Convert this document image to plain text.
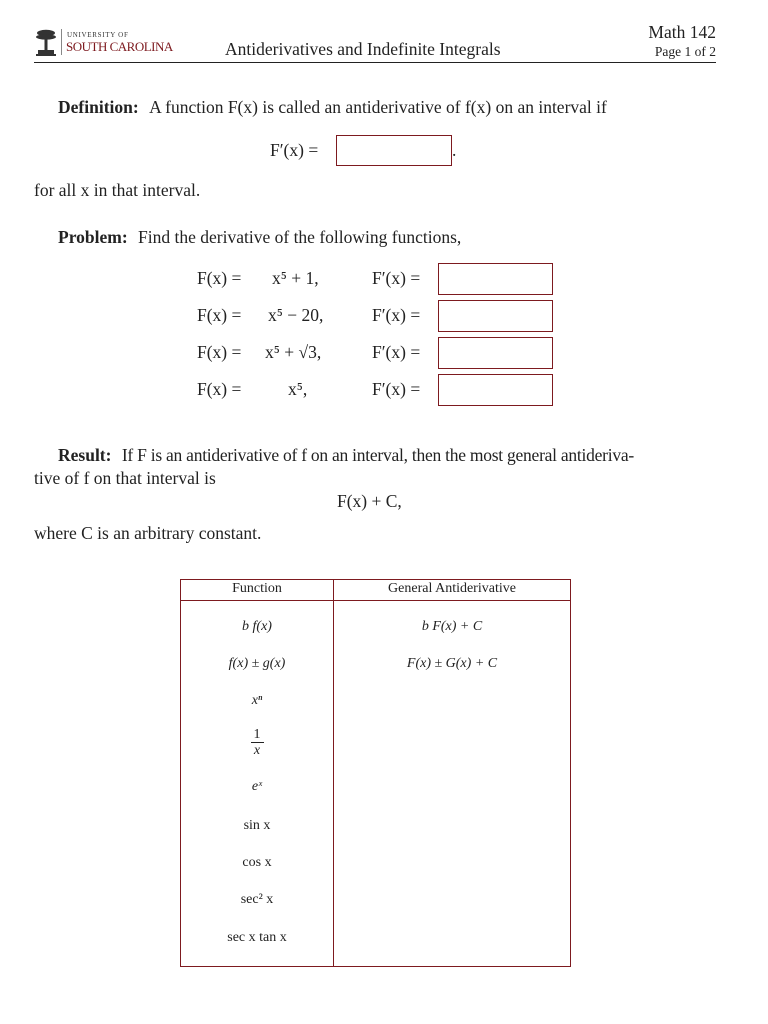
UNIVERSITY OF
SOUTH CAROLINA	Antiderivatives and Indefinite Integrals
Math 142
Page 1 of 2
Definition: A function F(x) is called an antiderivative of f(x) on an interval if
F′(x) =	.
for all x in that interval.
Problem: Find the derivative of the following functions,
F(x) = x⁵ + 1,	F′(x) =
F(x) = x⁵ − 20,	F′(x) =
F(x) = x⁵ + √3,	F′(x) =
F(x) =	x⁵,	F′(x) =
Result: If F is an antiderivative of f on an interval, then the most general antideriva-
tive of f on that interval is
F(x) + C,
where C is an arbitrary constant.
Function	General Antiderivative
b f(x)	b F(x) + C
f(x) ± g(x)	F(x) ± G(x) + C
xⁿ
$\frac{1}{x}$
eˣ
sin x
cos x
sec² x
sec x tan x
